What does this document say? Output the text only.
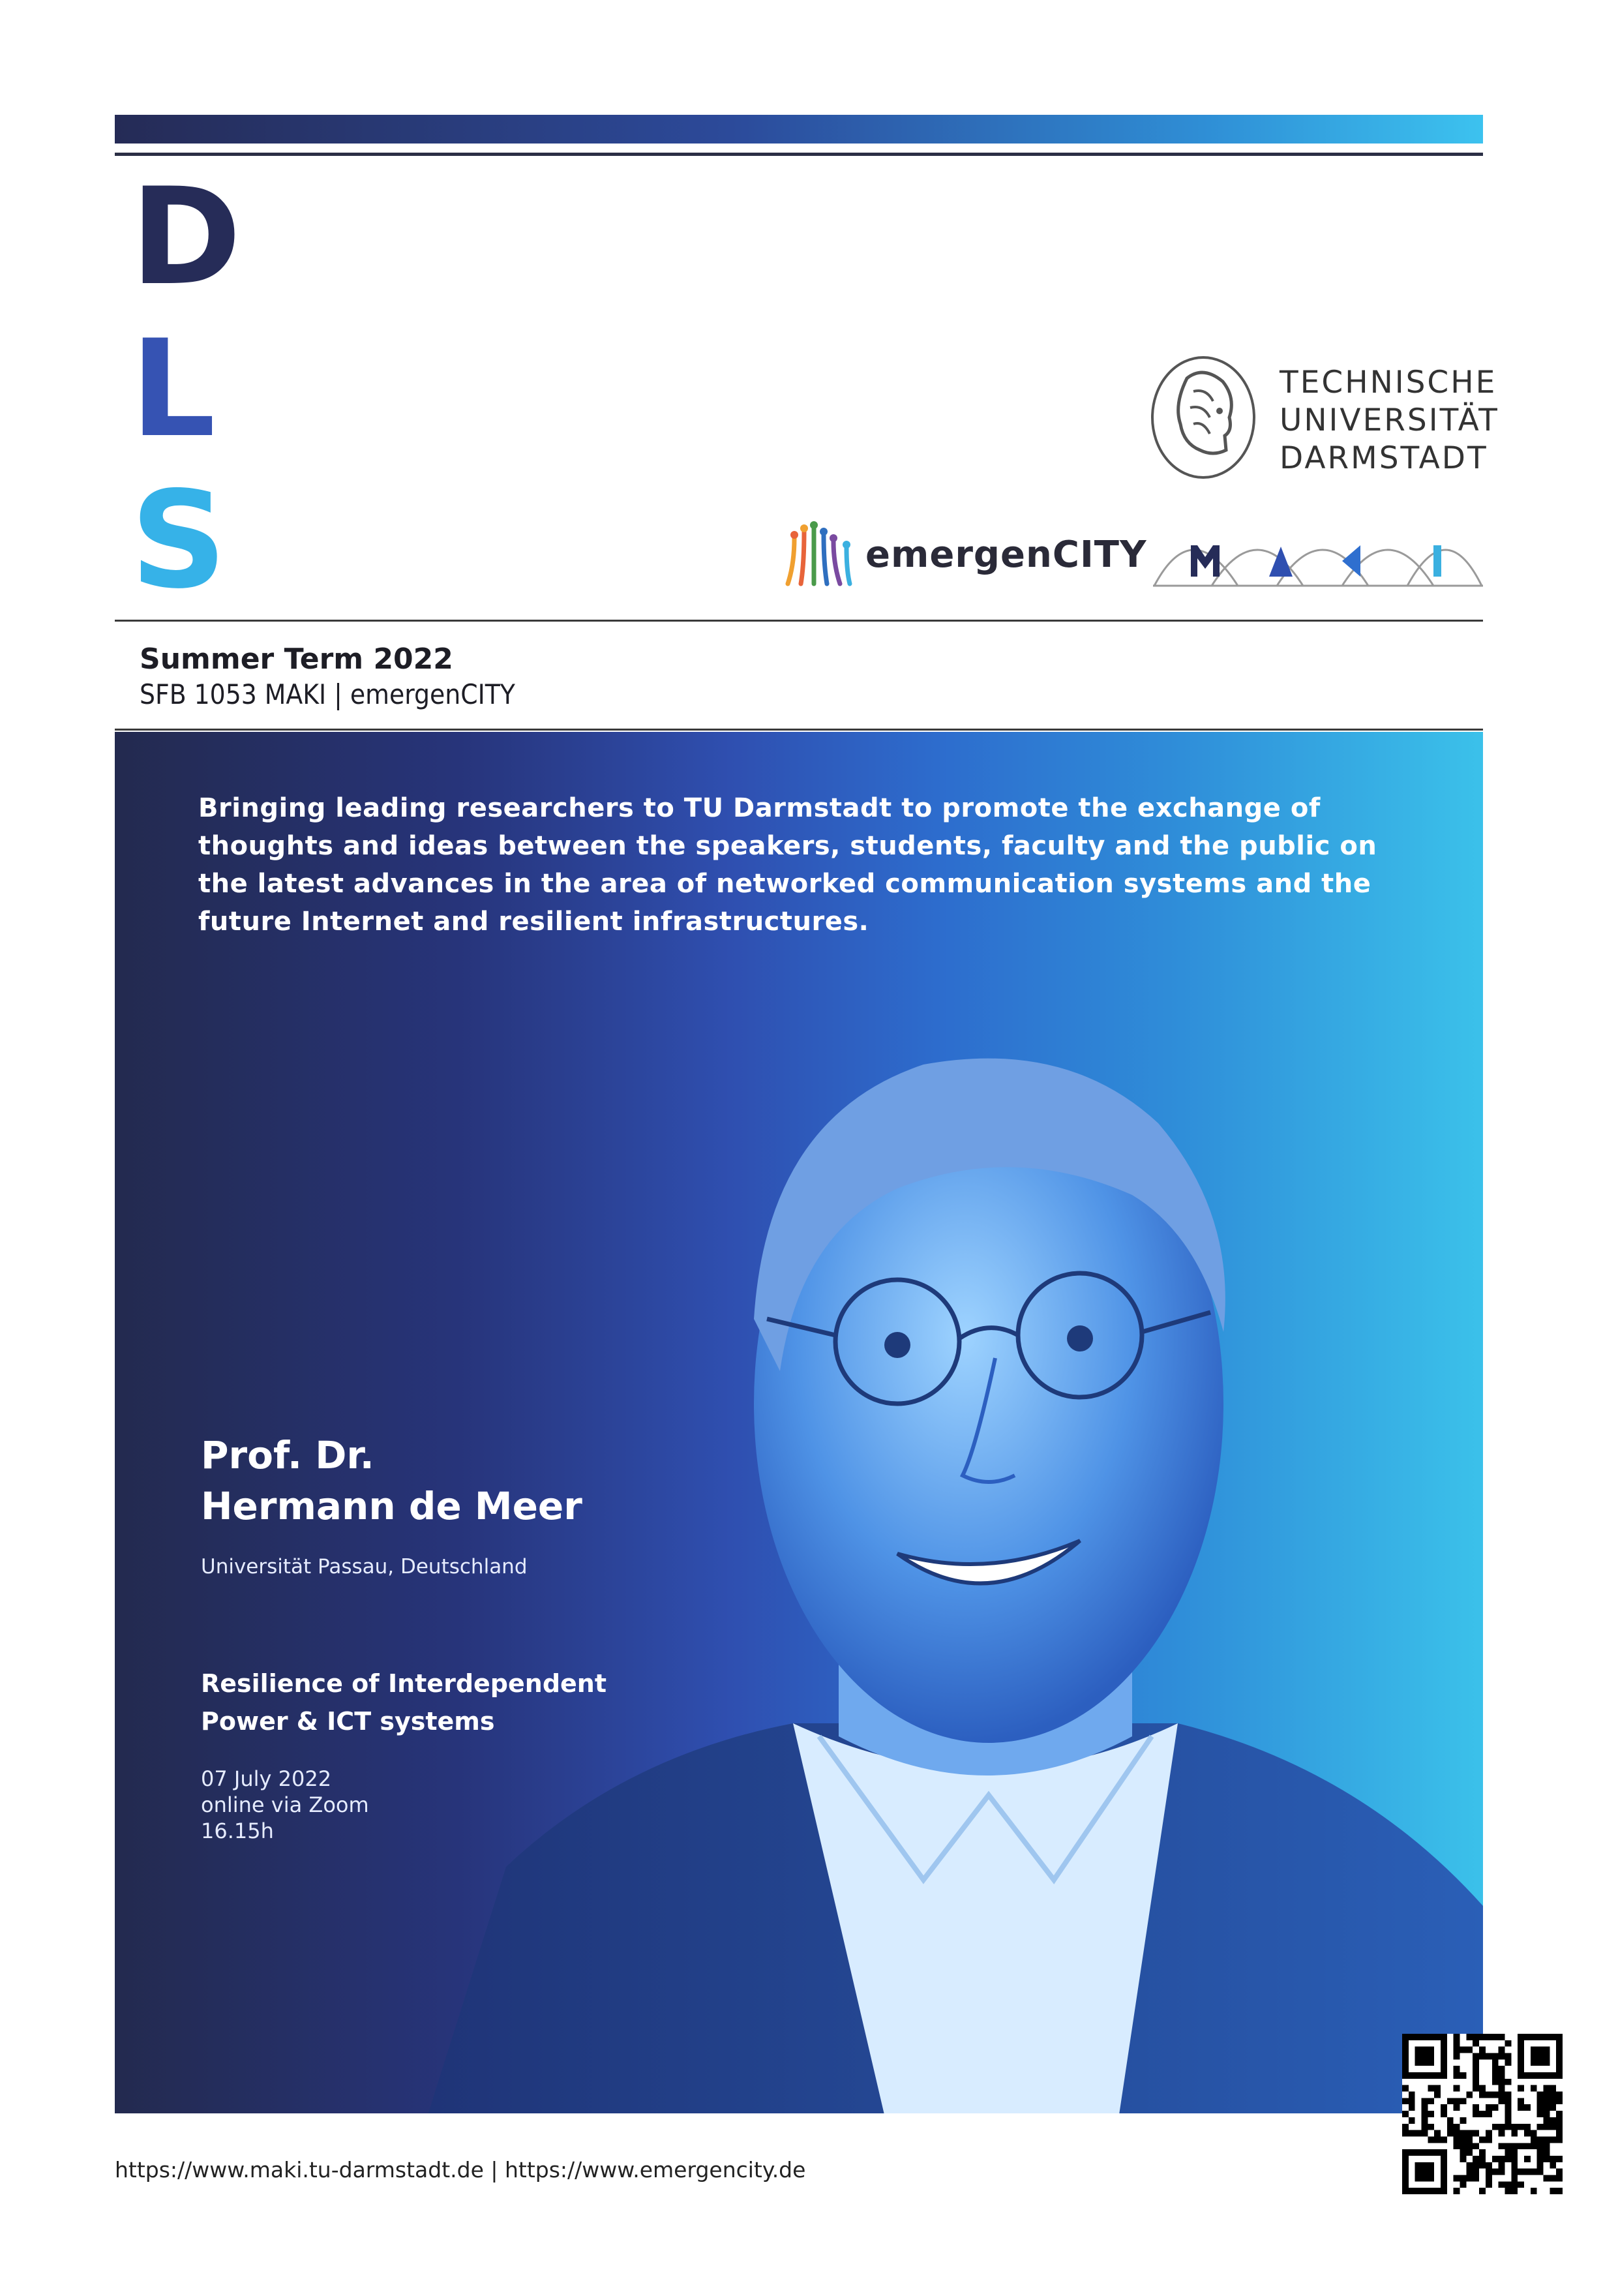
DISTINGUISHED
LECTURE
SERIES
TECHNISCHE
UNIVERSITÄT
DARMSTADT
emergenCITY
Summer Term 2022
SFB 1053 MAKI | emergenCITY
Bringing leading researchers to TU Darmstadt to promote the exchange of thoughts and ideas between the speakers, students, faculty and the public on the latest advances in the area of networked communication systems and the future Internet and resilient infrastructures.
Prof. Dr.
Hermann de Meer
Universität Passau, Deutschland
Resilience of Interdependent
Power & ICT systems
07 July 2022
online via Zoom
16.15h
https://www.maki.tu-darmstadt.de | https://www.emergencity.de
